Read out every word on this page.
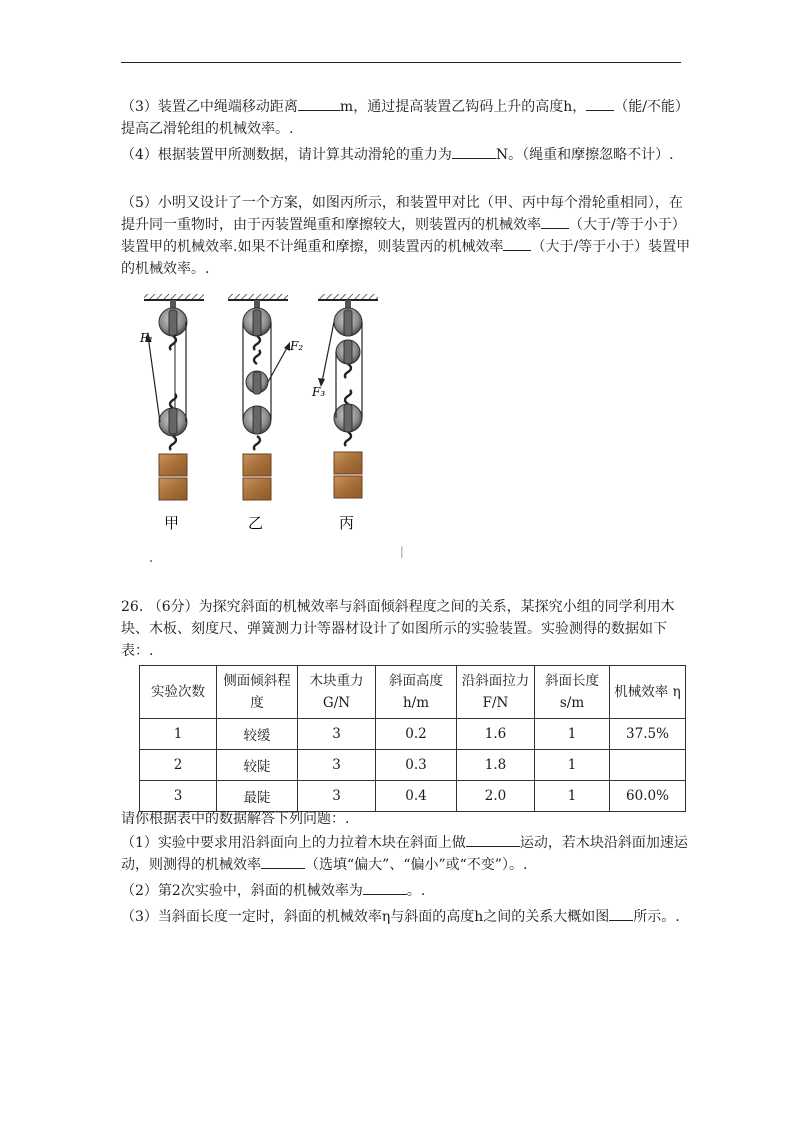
（3）装置乙中绳端移动距离	m，通过提高装置乙钩码上升的高度h， （能/不能）提高乙滑轮组的机械效率。.

（4）根据装置甲所测数据，请计算其动滑轮的重力为	N。（绳重和摩擦忽略不计）.

（5）小明又设计了一个方案，如图丙所示，和装置甲对比（甲、丙中每个滑轮重相同），在提升同一重物时，由于丙装置绳重和摩擦较大，则装置丙的机械效率 （大于/等于小于）装置甲的机械效率.如果不计绳重和摩擦，则装置丙的机械效率 （大于/等于小于）装置甲的机械效率。.

F₁
甲
F₂
乙
F₃
丙
|

26. （6分）为探究斜面的机械效率与斜面倾斜程度之间的关系，某探究小组的同学利用木块、木板、刻度尺、弹簧测力计等器材设计了如图所示的实验装置。实验测得的数据如下表：.

实验次数	侧面倾斜程度	木块重力G/N	斜面高度h/m	沿斜面拉力F/N	斜面长度s/m	机械效率 η
1	较缓	3	0.2	1.6	1	37.5%
2	较陡	3	0.3	1.8	1	
3	最陡	3	0.4	2.0	1	60.0%

请你根据表中的数据解答下列问题：.

（1）实验中要求用沿斜面向上的力拉着木块在斜面上做	运动，若木块沿斜面加速运动，则测得的机械效率	（选填“偏大”、“偏小”或“不变”）。.

（2）第2次实验中，斜面的机械效率为	。.

（3）当斜面长度一定时，斜面的机械效率η与斜面的高度h之间的关系大概如图 所示。.
